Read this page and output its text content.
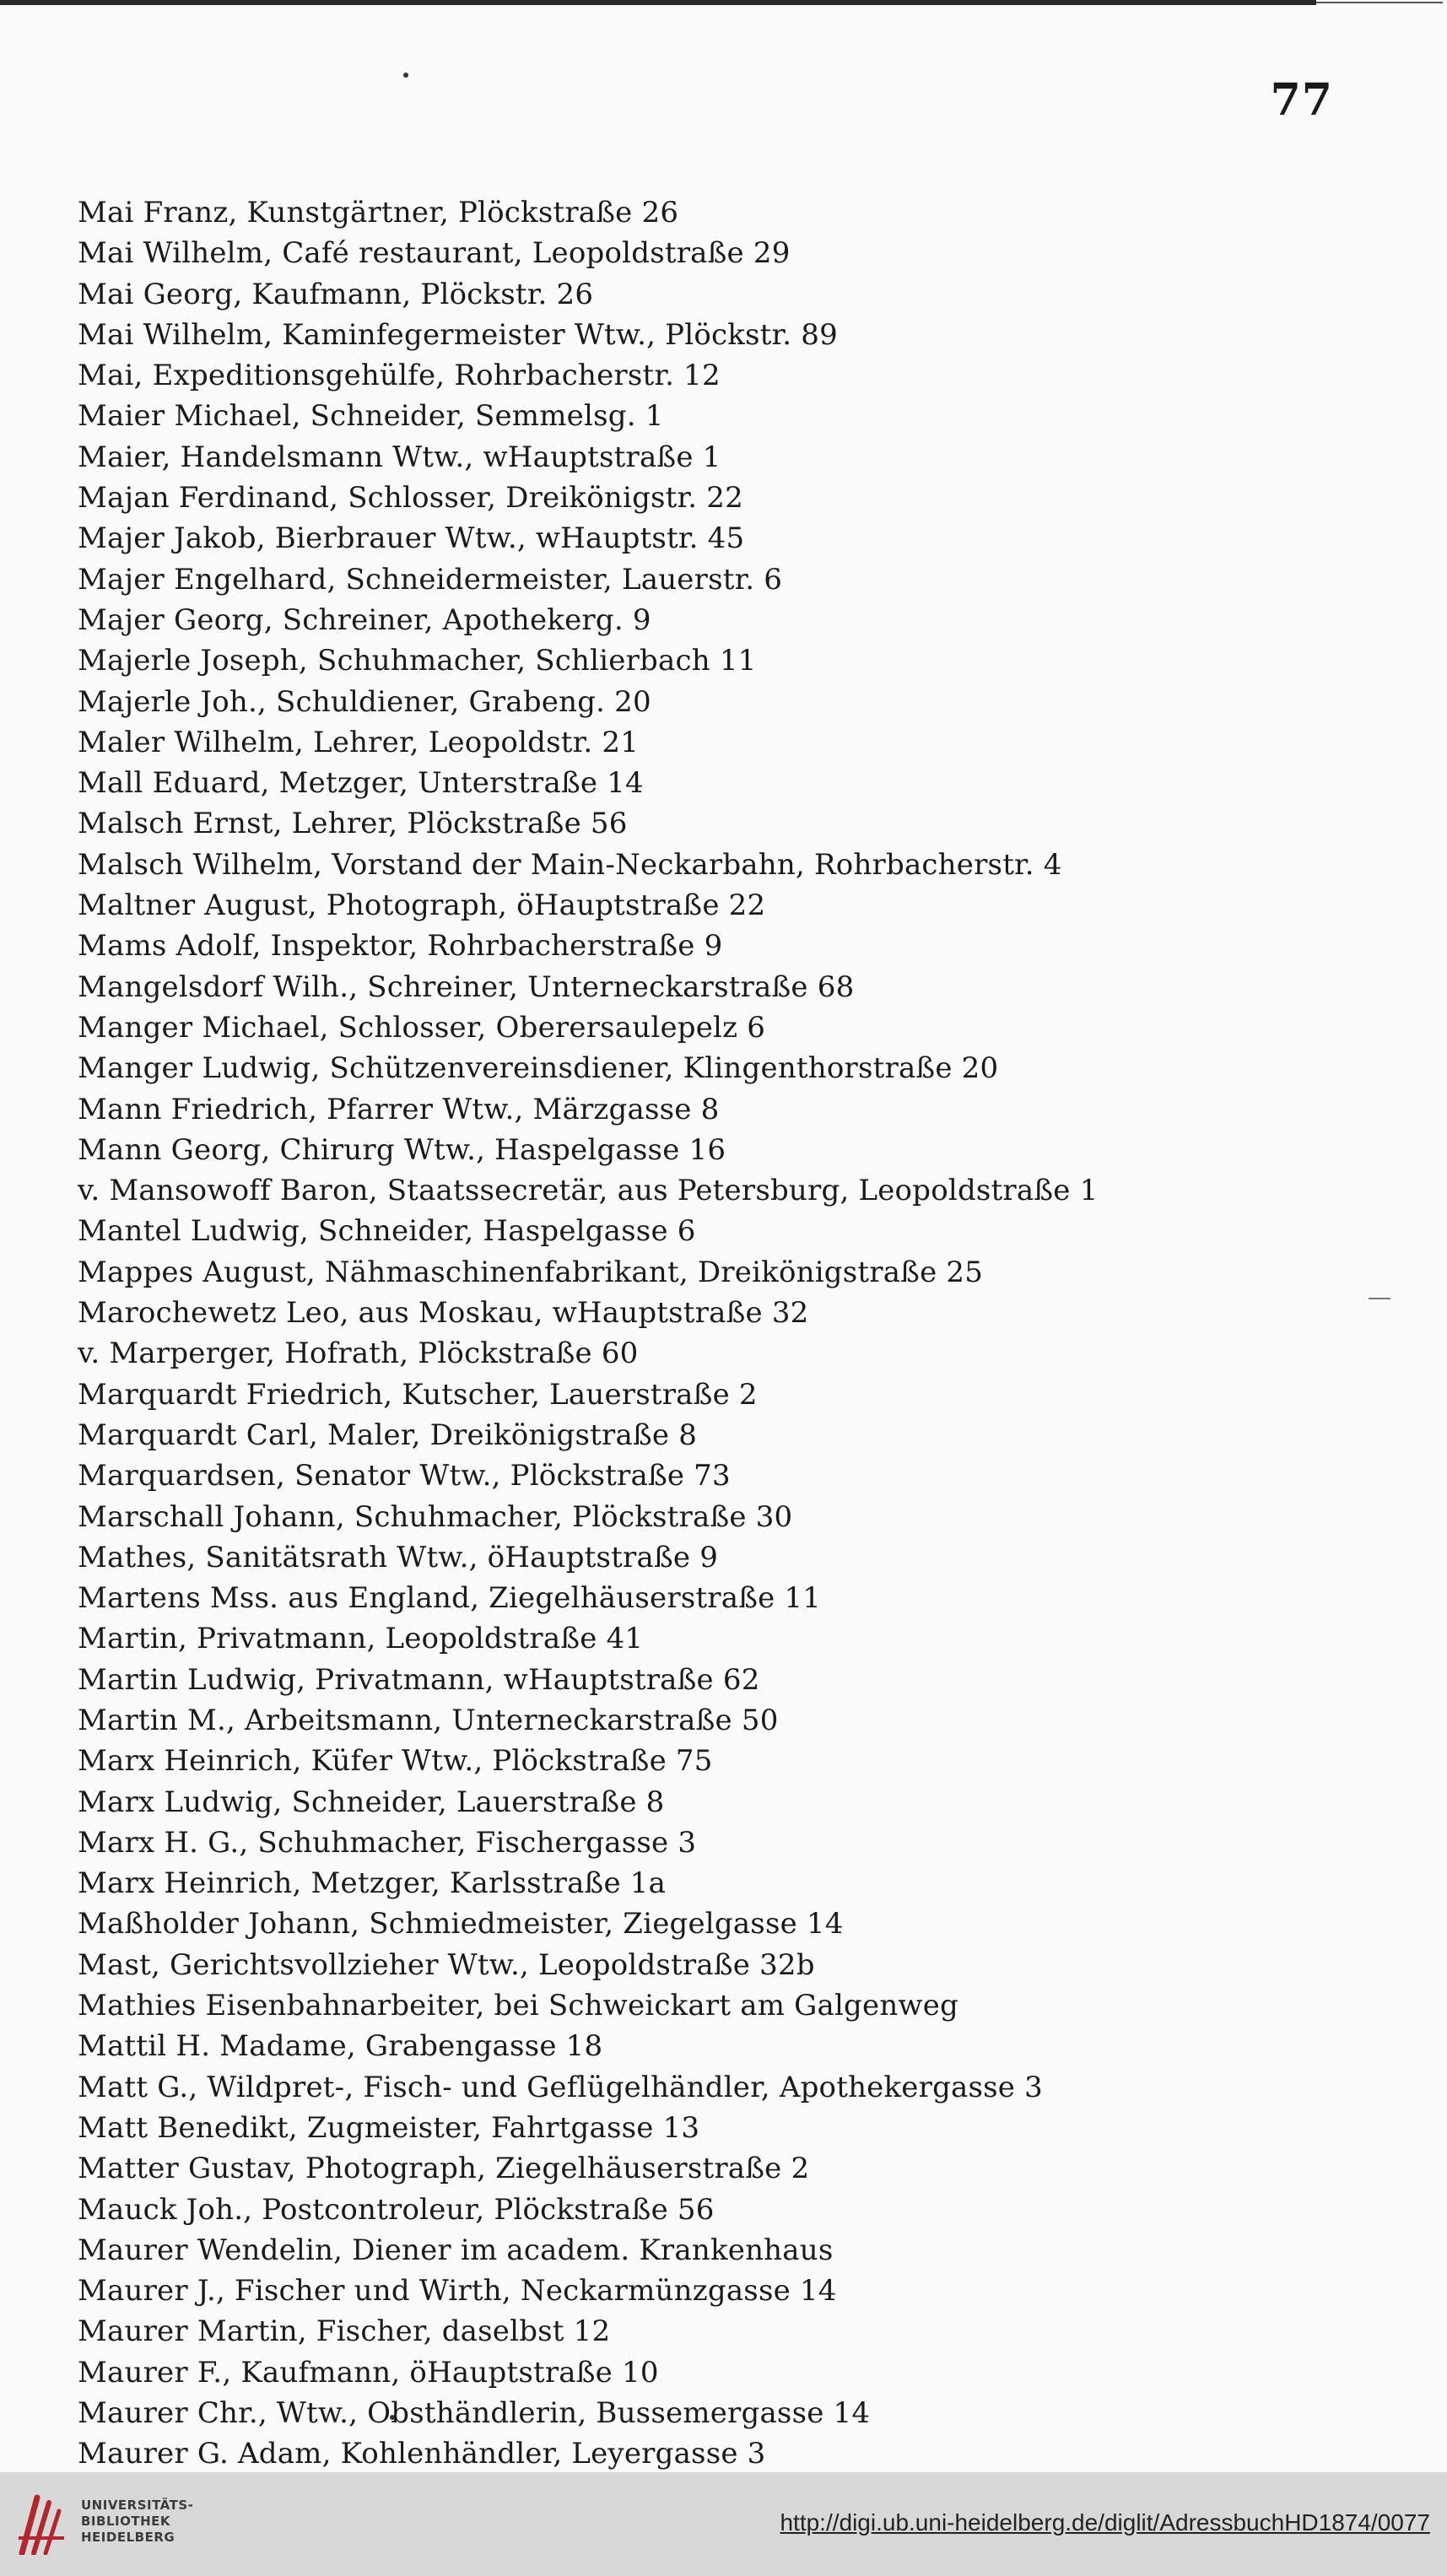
77
Mai Franz, Kunstgärtner, Plöckstraße 26
Mai Wilhelm, Café restaurant, Leopoldstraße 29
Mai Georg, Kaufmann, Plöckstr. 26
Mai Wilhelm, Kaminfegermeister Wtw., Plöckstr. 89
Mai, Expeditionsgehülfe, Rohrbacherstr. 12
Maier Michael, Schneider, Semmelsg. 1
Maier, Handelsmann Wtw., wHauptstraße 1
Majan Ferdinand, Schlosser, Dreikönigstr. 22
Majer Jakob, Bierbrauer Wtw., wHauptstr. 45
Majer Engelhard, Schneidermeister, Lauerstr. 6
Majer Georg, Schreiner, Apothekerg. 9
Majerle Joseph, Schuhmacher, Schlierbach 11
Majerle Joh., Schuldiener, Grabeng. 20
Maler Wilhelm, Lehrer, Leopoldstr. 21
Mall Eduard, Metzger, Unterstraße 14
Malsch Ernst, Lehrer, Plöckstraße 56
Malsch Wilhelm, Vorstand der Main-Neckarbahn, Rohrbacherstr. 4
Maltner August, Photograph, öHauptstraße 22
Mams Adolf, Inspektor, Rohrbacherstraße 9
Mangelsdorf Wilh., Schreiner, Unterneckarstraße 68
Manger Michael, Schlosser, Oberersaulepelz 6
Manger Ludwig, Schützenvereinsdiener, Klingenthorstraße 20
Mann Friedrich, Pfarrer Wtw., Märzgasse 8
Mann Georg, Chirurg Wtw., Haspelgasse 16
v. Mansowoff Baron, Staatssecretär, aus Petersburg, Leopoldstraße 1
Mantel Ludwig, Schneider, Haspelgasse 6
Mappes August, Nähmaschinenfabrikant, Dreikönigstraße 25
Marochewetz Leo, aus Moskau, wHauptstraße 32
v. Marperger, Hofrath, Plöckstraße 60
Marquardt Friedrich, Kutscher, Lauerstraße 2
Marquardt Carl, Maler, Dreikönigstraße 8
Marquardsen, Senator Wtw., Plöckstraße 73
Marschall Johann, Schuhmacher, Plöckstraße 30
Mathes, Sanitätsrath Wtw., öHauptstraße 9
Martens Mss. aus England, Ziegelhäuserstraße 11
Martin, Privatmann, Leopoldstraße 41
Martin Ludwig, Privatmann, wHauptstraße 62
Martin M., Arbeitsmann, Unterneckarstraße 50
Marx Heinrich, Küfer Wtw., Plöckstraße 75
Marx Ludwig, Schneider, Lauerstraße 8
Marx H. G., Schuhmacher, Fischergasse 3
Marx Heinrich, Metzger, Karlsstraße 1a
Maßholder Johann, Schmiedmeister, Ziegelgasse 14
Mast, Gerichtsvollzieher Wtw., Leopoldstraße 32b
Mathies Eisenbahnarbeiter, bei Schweickart am Galgenweg
Mattil H. Madame, Grabengasse 18
Matt G., Wildpret-, Fisch- und Geflügelhändler, Apothekergasse 3
Matt Benedikt, Zugmeister, Fahrtgasse 13
Matter Gustav, Photograph, Ziegelhäuserstraße 2
Mauck Joh., Postcontroleur, Plöckstraße 56
Maurer Wendelin, Diener im academ. Krankenhaus
Maurer J., Fischer und Wirth, Neckarmünzgasse 14
Maurer Martin, Fischer, daselbst 12
Maurer F., Kaufmann, öHauptstraße 10
Maurer Chr., Wtw., Obsthändlerin, Bussemergasse 14
Maurer G. Adam, Kohlenhändler, Leyergasse 3
UNIVERSITÄTS-
BIBLIOTHEK
HEIDELBERG
http://digi.ub.uni-heidelberg.de/diglit/AdressbuchHD1874/0077
